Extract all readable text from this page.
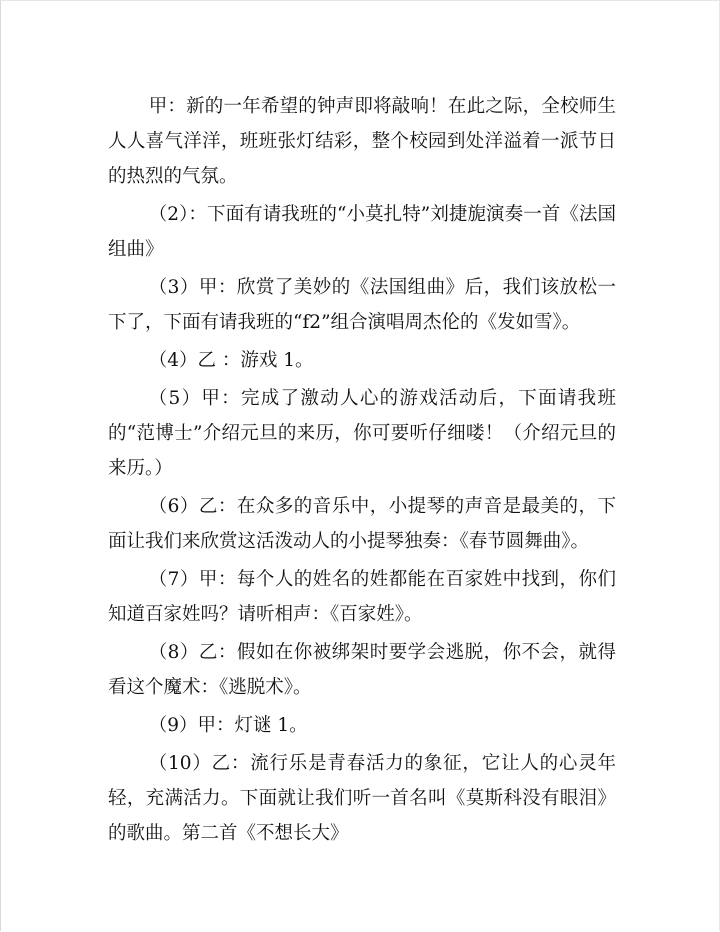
甲：新的一年希望的钟声即将敲响！在此之际，全校师生人人喜气洋洋，班班张灯结彩，整个校园到处洋溢着一派节日的热烈的气氛。

（2）：下面有请我班的“小莫扎特”刘捷旎演奏一首《法国组曲》

（3）甲：欣赏了美妙的《法国组曲》后，我们该放松一下了，下面有请我班的“f2”组合演唱周杰伦的《发如雪》。

（4）乙 ：游戏 1。

（5）甲：完成了激动人心的游戏活动后，下面请我班的“范博士”介绍元旦的来历，你可要听仔细喽！（介绍元旦的来历。）

（6）乙：在众多的音乐中，小提琴的声音是最美的，下面让我们来欣赏这活泼动人的小提琴独奏：《春节圆舞曲》。

（7）甲：每个人的姓名的姓都能在百家姓中找到，你们知道百家姓吗？请听相声：《百家姓》。

（8）乙：假如在你被绑架时要学会逃脱，你不会，就得看这个魔术：《逃脱术》。

（9）甲：灯谜 1。

（10）乙：流行乐是青春活力的象征，它让人的心灵年轻，充满活力。下面就让我们听一首名叫《莫斯科没有眼泪》的歌曲。第二首《不想长大》
